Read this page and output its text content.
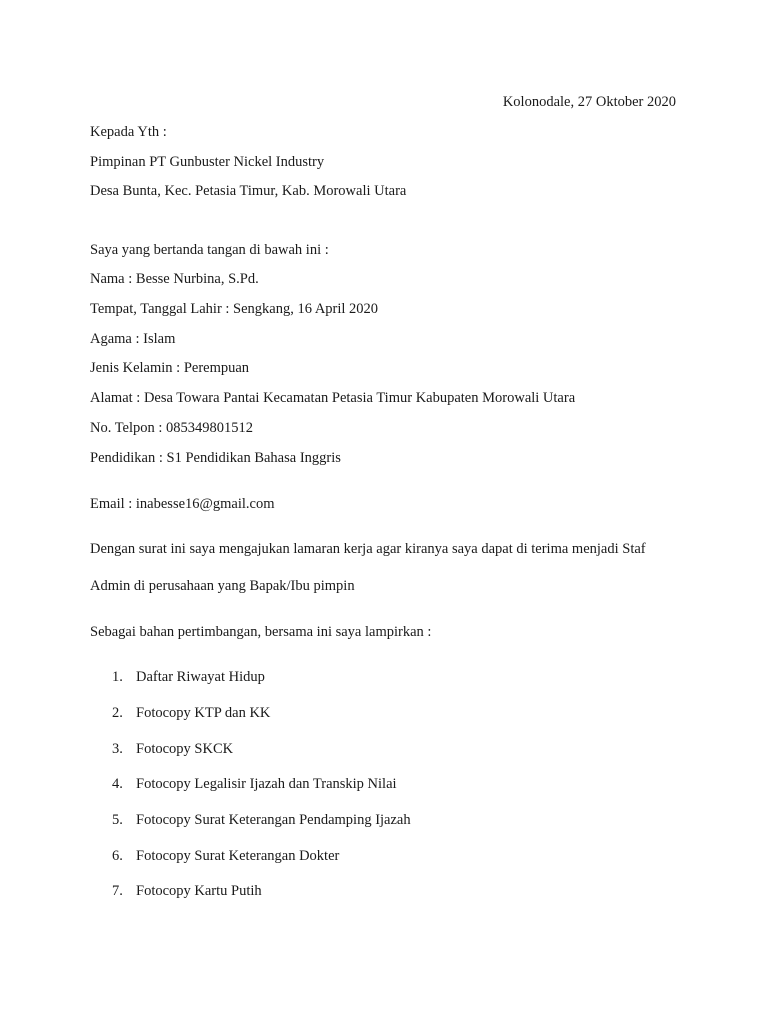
Kolonodale, 27 Oktober 2020
Kepada Yth :
Pimpinan PT Gunbuster Nickel Industry
Desa Bunta, Kec. Petasia Timur, Kab. Morowali Utara
Saya yang bertanda tangan di bawah ini :
Nama : Besse Nurbina, S.Pd.
Tempat, Tanggal Lahir : Sengkang, 16 April 2020
Agama : Islam
Jenis Kelamin : Perempuan
Alamat : Desa Towara Pantai Kecamatan Petasia Timur Kabupaten Morowali Utara
No. Telpon : 085349801512
Pendidikan : S1 Pendidikan Bahasa Inggris
Email : inabesse16@gmail.com
Dengan surat ini saya mengajukan lamaran kerja agar kiranya saya dapat di terima menjadi Staf
Admin di perusahaan yang Bapak/Ibu pimpin
Sebagai bahan pertimbangan, bersama ini saya lampirkan :
1. Daftar Riwayat Hidup
2. Fotocopy KTP dan KK
3. Fotocopy SKCK
4. Fotocopy Legalisir Ijazah dan Transkip Nilai
5. Fotocopy Surat Keterangan Pendamping Ijazah
6. Fotocopy Surat Keterangan Dokter
7. Fotocopy Kartu Putih
